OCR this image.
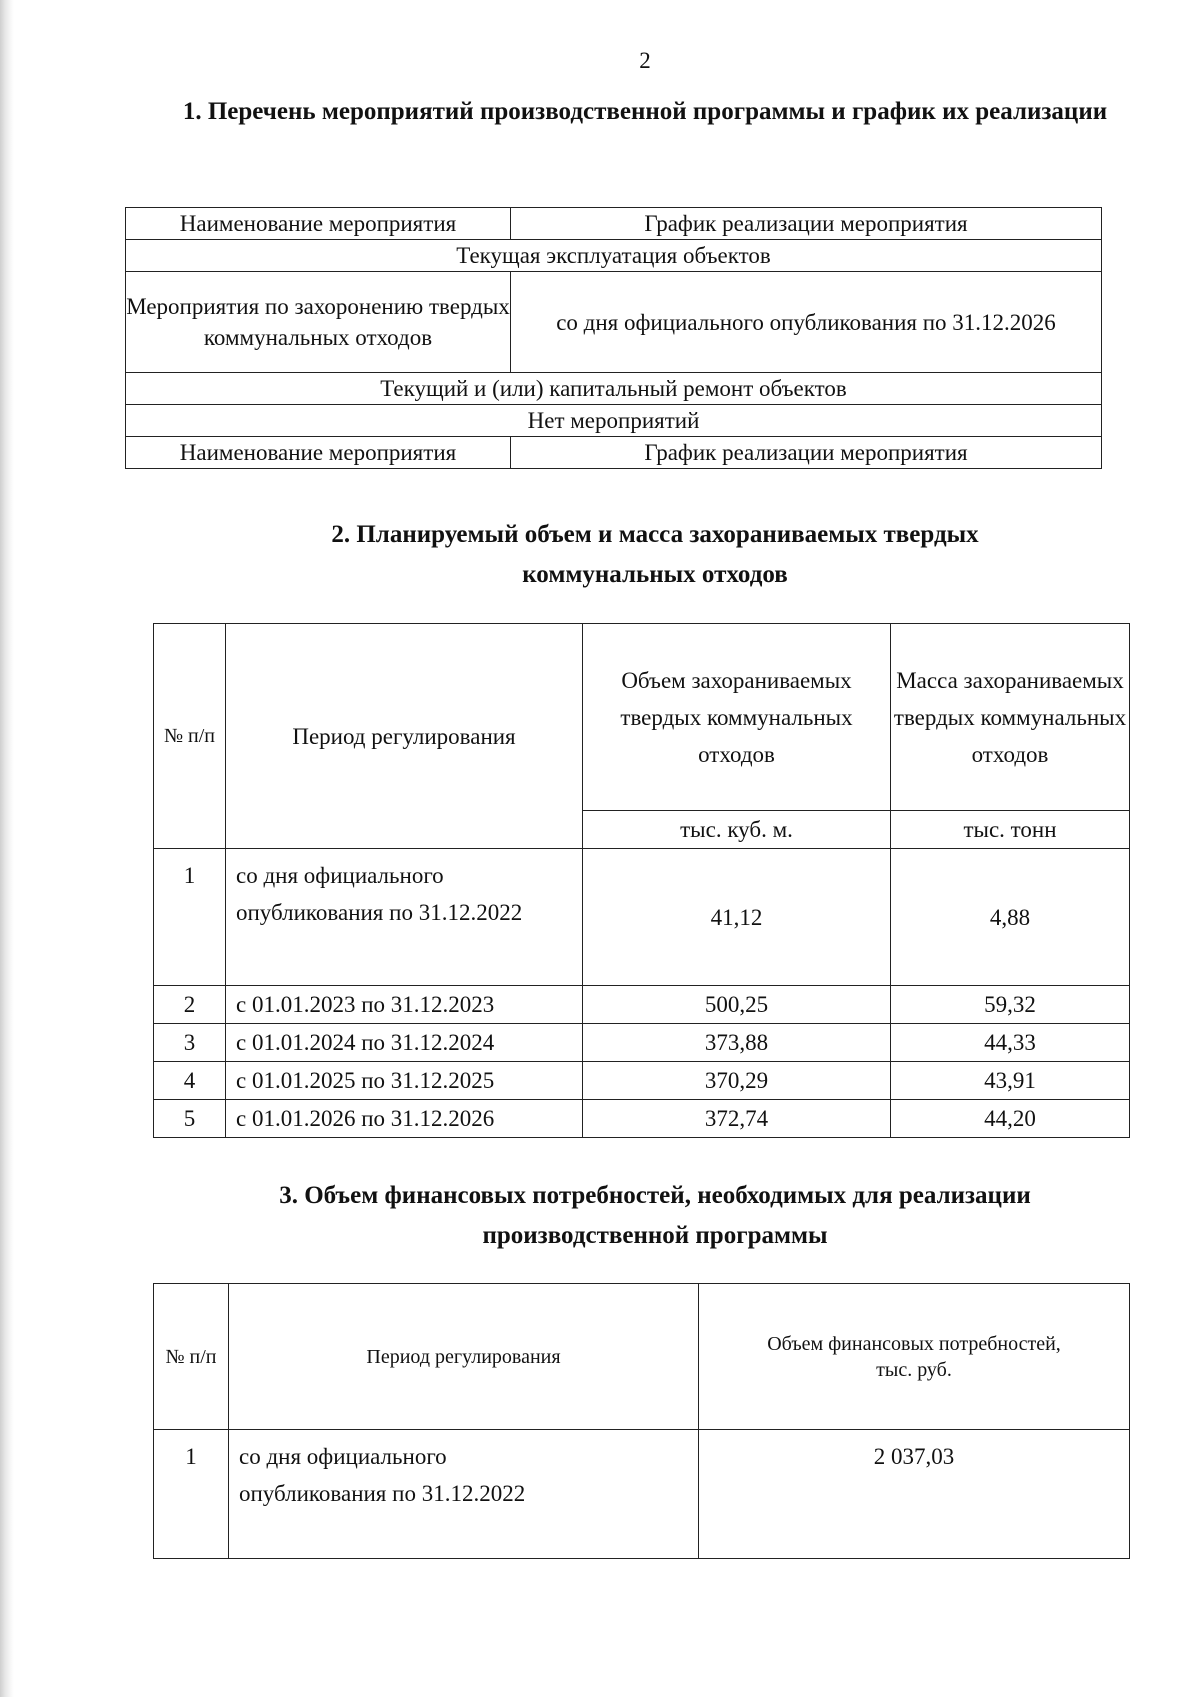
2
1. Перечень мероприятий производственной программы и график их реализации
Наименование мероприятия	График реализации мероприятия
Текущая эксплуатация объектов	
Мероприятия по захоронению твердых коммунальных отходов	со дня официального опубликования по 31.12.2026
Текущий и (или) капитальный ремонт объектов	
Нет мероприятий	
Наименование мероприятия	График реализации мероприятия
2. Планируемый объем и масса захораниваемых твердых коммунальных отходов
№ п/п	Период регулирования	Объем захораниваемых твердых коммунальных отходов	Масса захораниваемых твердых коммунальных отходов
		тыс. куб. м.	тыс. тонн
1	со дня официального опубликования по 31.12.2022	41,12	4,88
2	с 01.01.2023 по 31.12.2023	500,25	59,32
3	с 01.01.2024 по 31.12.2024	373,88	44,33
4	с 01.01.2025 по 31.12.2025	370,29	43,91
5	с 01.01.2026 по 31.12.2026	372,74	44,20
3. Объем финансовых потребностей, необходимых для реализации производственной программы
№ п/п	Период регулирования	Объем финансовых потребностей, тыс. руб.
1	со дня официального опубликования по 31.12.2022	2 037,03
